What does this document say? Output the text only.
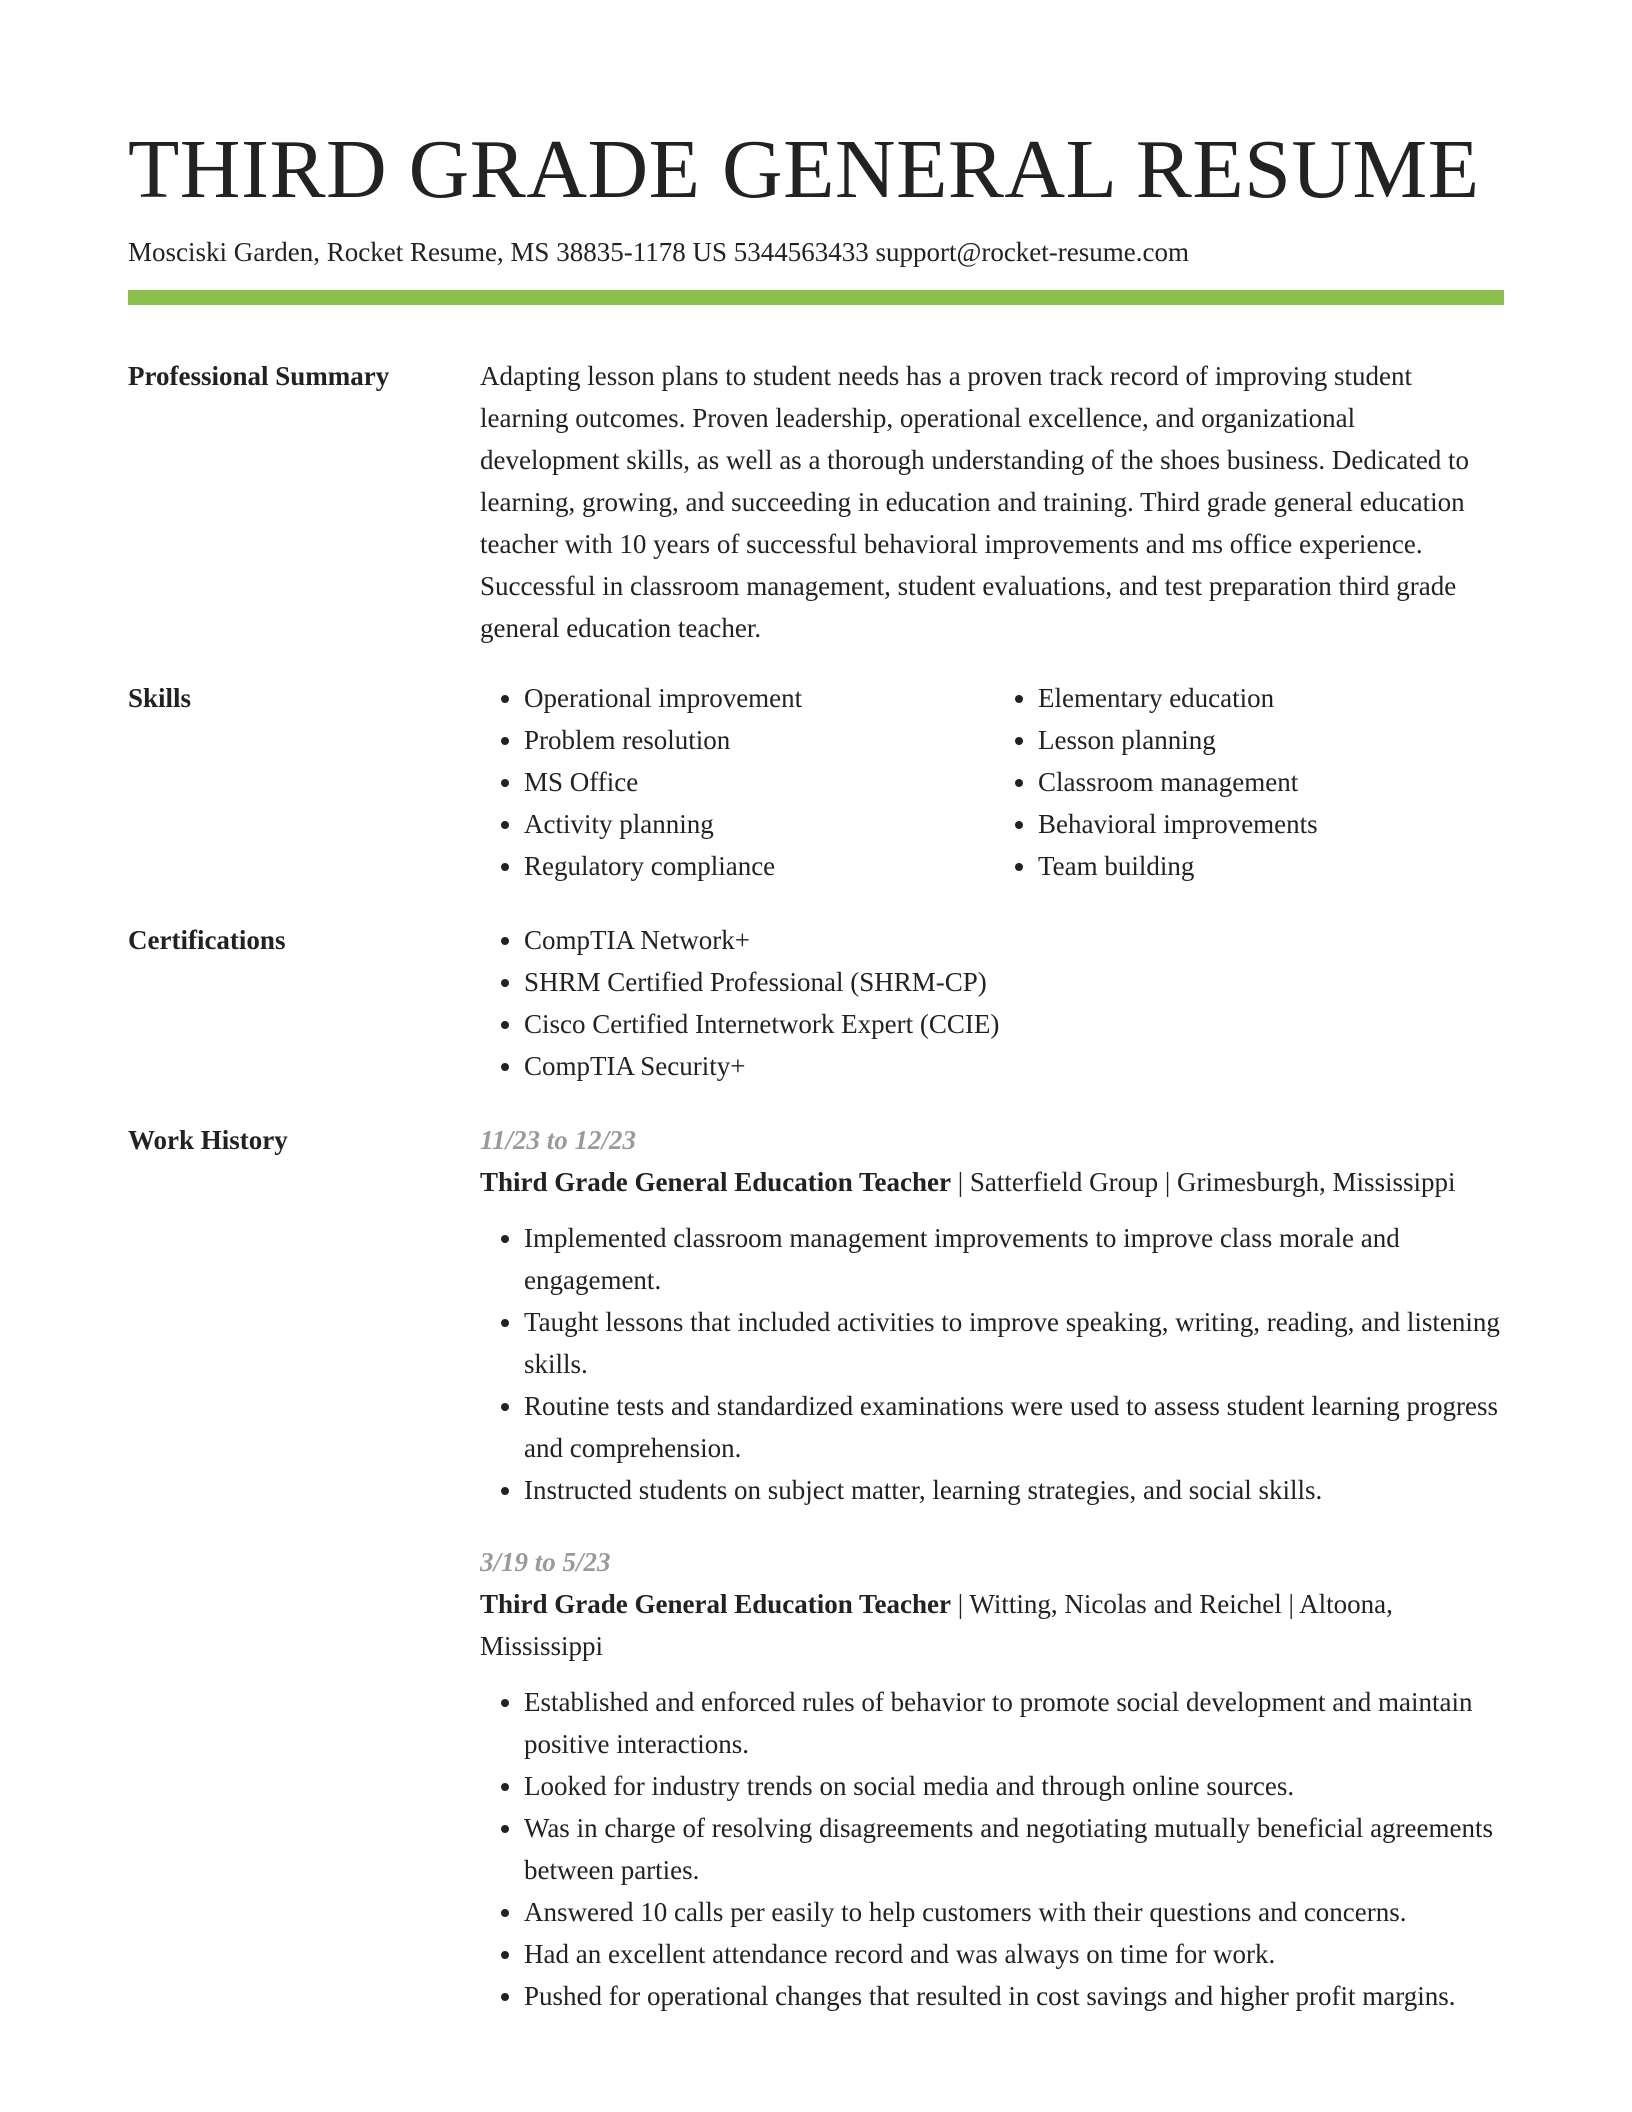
THIRD GRADE GENERAL RESUME
Mosciski Garden, Rocket Resume, MS 38835-1178 US 5344563433 support@rocket-resume.com
Professional Summary	Adapting lesson plans to student needs has a proven track record of improving student learning outcomes. Proven leadership, operational excellence, and organizational development skills, as well as a thorough understanding of the shoes business. Dedicated to learning, growing, and succeeding in education and training. Third grade general education teacher with 10 years of successful behavioral improvements and ms office experience. Successful in classroom management, student evaluations, and test preparation third grade general education teacher.

Skills	• Operational improvement
• Problem resolution
• MS Office
• Activity planning
• Regulatory compliance
• Elementary education
• Lesson planning
• Classroom management
• Behavioral improvements
• Team building
Certifications	• CompTIA Network+
• SHRM Certified Professional (SHRM-CP)
• Cisco Certified Internetwork Expert (CCIE)
• CompTIA Security+
Work History	11/23 to 12/23
Third Grade General Education Teacher | Satterfield Group | Grimesburgh, Mississippi
• Implemented classroom management improvements to improve class morale and engagement.
• Taught lessons that included activities to improve speaking, writing, reading, and listening skills.
• Routine tests and standardized examinations were used to assess student learning progress and comprehension.
• Instructed students on subject matter, learning strategies, and social skills.
3/19 to 5/23
Third Grade General Education Teacher | Witting, Nicolas and Reichel | Altoona, Mississippi
• Established and enforced rules of behavior to promote social development and maintain positive interactions.
• Looked for industry trends on social media and through online sources.
• Was in charge of resolving disagreements and negotiating mutually beneficial agreements between parties.
• Answered 10 calls per easily to help customers with their questions and concerns.
• Had an excellent attendance record and was always on time for work.
• Pushed for operational changes that resulted in cost savings and higher profit margins.
